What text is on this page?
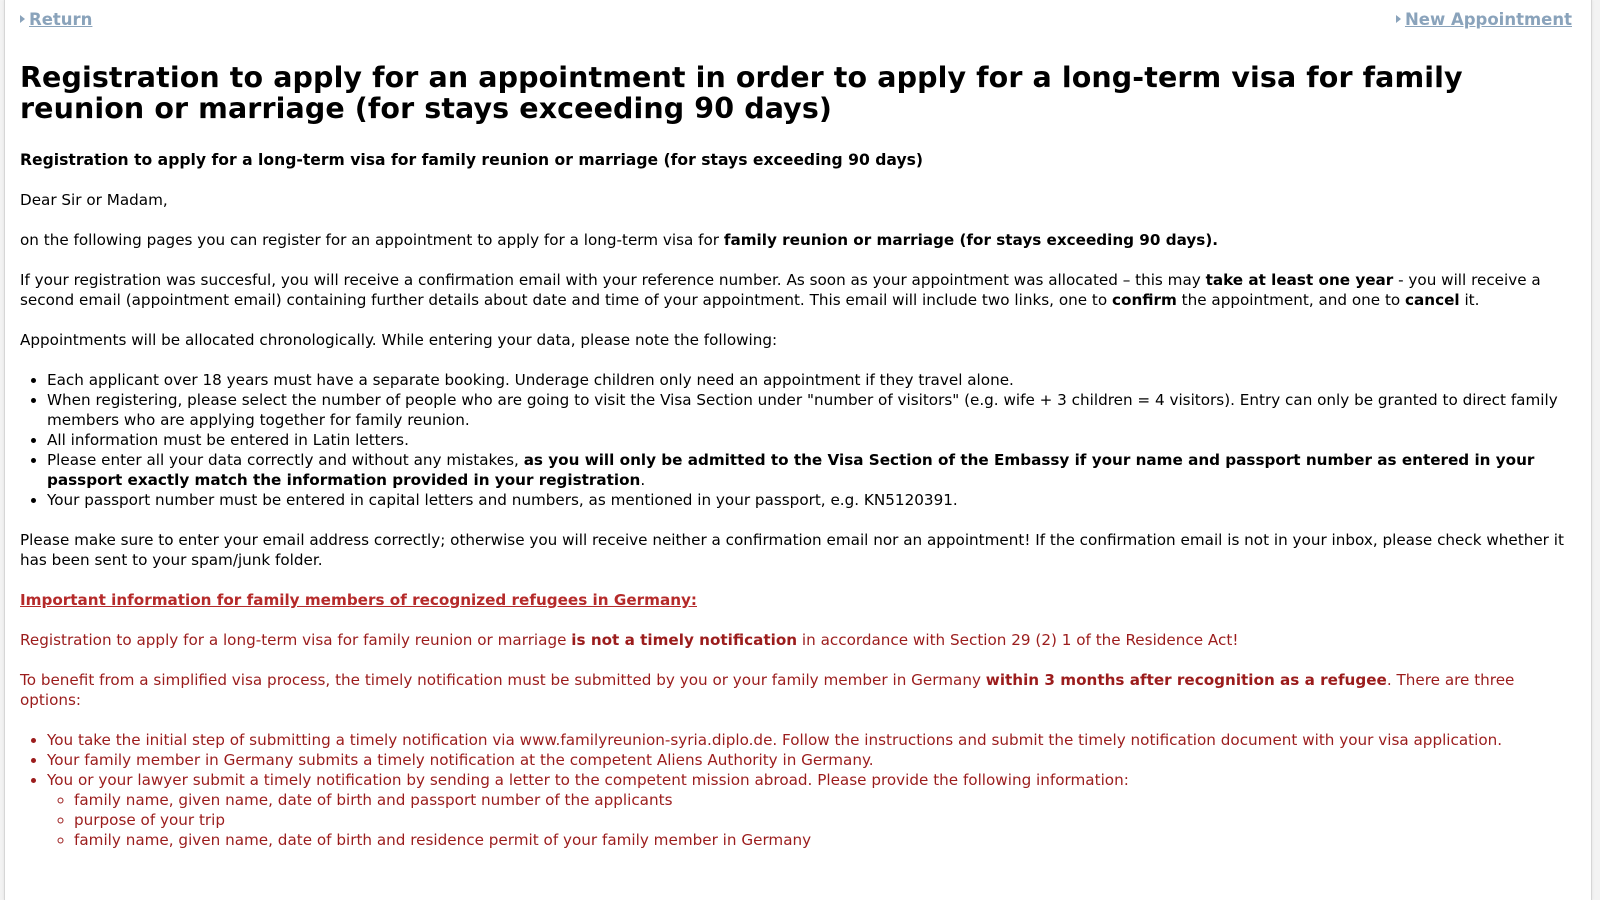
Return	New Appointment
Registration to apply for an appointment in order to apply for a long-term visa for family reunion or marriage (for stays exceeding 90 days)
Registration to apply for a long-term visa for family reunion or marriage (for stays exceeding 90 days)

Dear Sir or Madam,

on the following pages you can register for an appointment to apply for a long-term visa for family reunion or marriage (for stays exceeding 90 days).

If your registration was succesful, you will receive a confirmation email with your reference number. As soon as your appointment was allocated – this may take at least one year - you will receive a second email (appointment email) containing further details about date and time of your appointment. This email will include two links, one to confirm the appointment, and one to cancel it.

Appointments will be allocated chronologically. While entering your data, please note the following:

• Each applicant over 18 years must have a separate booking. Underage children only need an appointment if they travel alone.
• When registering, please select the number of people who are going to visit the Visa Section under "number of visitors" (e.g. wife + 3 children = 4 visitors). Entry can only be granted to direct family members who are applying together for family reunion.
• All information must be entered in Latin letters.
• Please enter all your data correctly and without any mistakes, as you will only be admitted to the Visa Section of the Embassy if your name and passport number as entered in your passport exactly match the information provided in your registration.
• Your passport number must be entered in capital letters and numbers, as mentioned in your passport, e.g. KN5120391.

Please make sure to enter your email address correctly; otherwise you will receive neither a confirmation email nor an appointment! If the confirmation email is not in your inbox, please check whether it has been sent to your spam/junk folder.

Important information for family members of recognized refugees in Germany:

Registration to apply for a long-term visa for family reunion or marriage is not a timely notification in accordance with Section 29 (2) 1 of the Residence Act!

To benefit from a simplified visa process, the timely notification must be submitted by you or your family member in Germany within 3 months after recognition as a refugee. There are three options:

• You take the initial step of submitting a timely notification via www.familyreunion-syria.diplo.de. Follow the instructions and submit the timely notification document with your visa application.
• Your family member in Germany submits a timely notification at the competent Aliens Authority in Germany.
• You or your lawyer submit a timely notification by sending a letter to the competent mission abroad. Please provide the following information:
◦ family name, given name, date of birth and passport number of the applicants
◦ purpose of your trip
◦ family name, given name, date of birth and residence permit of your family member in Germany
